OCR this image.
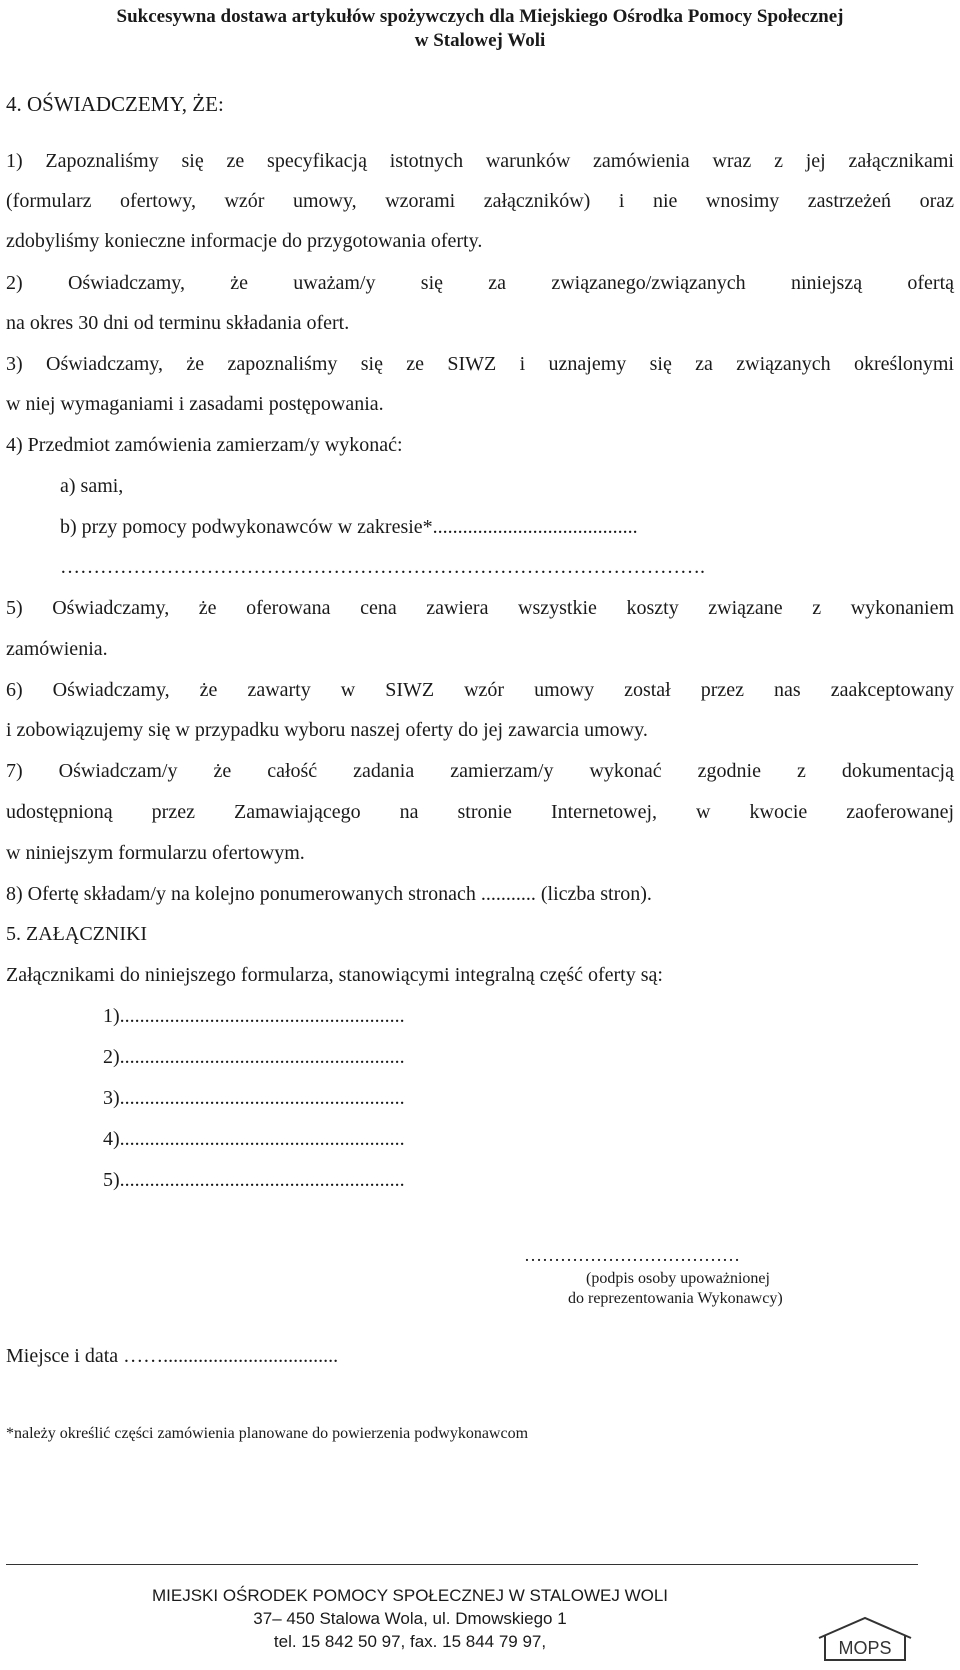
Sukcesywna dostawa artykułów spożywczych dla Miejskiego Ośrodka Pomocy Społecznej
w Stalowej Woli
4. OŚWIADCZEMY, ŻE:
1) Zapoznaliśmy się ze specyfikacją istotnych warunków zamówienia wraz z jej załącznikami
(formularz ofertowy, wzór umowy, wzorami załączników) i nie wnosimy zastrzeżeń oraz
zdobyliśmy konieczne informacje do przygotowania oferty.
2) Oświadczamy, że uważam/y się za związanego/związanych niniejszą ofertą
na okres 30 dni od terminu składania ofert.
3) Oświadczamy, że zapoznaliśmy się ze SIWZ i uznajemy się za związanych określonymi
w niej wymaganiami i zasadami postępowania.
4) Przedmiot zamówienia zamierzam/y wykonać:
a) sami,
b) przy pomocy podwykonawców w zakresie*.........................................
…………………………………………………………………………………….
5) Oświadczamy, że oferowana cena zawiera wszystkie koszty związane z wykonaniem
zamówienia.
6) Oświadczamy, że zawarty w SIWZ wzór umowy został przez nas zaakceptowany
i zobowiązujemy się w przypadku wyboru naszej oferty do jej zawarcia umowy.
7) Oświadczam/y że całość zadania zamierzam/y wykonać zgodnie z dokumentacją
udostępnioną przez Zamawiającego na stronie Internetowej, w kwocie zaoferowanej
w niniejszym formularzu ofertowym.
8) Ofertę składam/y na kolejno ponumerowanych stronach ........... (liczba stron).
5. ZAŁĄCZNIKI
Załącznikami do niniejszego formularza, stanowiącymi integralną część oferty są:
1).........................................................
2).........................................................
3).........................................................
4).........................................................
5).........................................................
………………………………
(podpis osoby upoważnionej
do reprezentowania Wykonawcy)
Miejsce i data ……...................................
*należy określić części zamówienia planowane do powierzenia podwykonawcom
MIEJSKI OŚRODEK POMOCY SPOŁECZNEJ W STALOWEJ WOLI
37– 450 Stalowa Wola, ul. Dmowskiego 1
tel. 15 842 50 97, fax. 15 844 79 97,	MOPS
